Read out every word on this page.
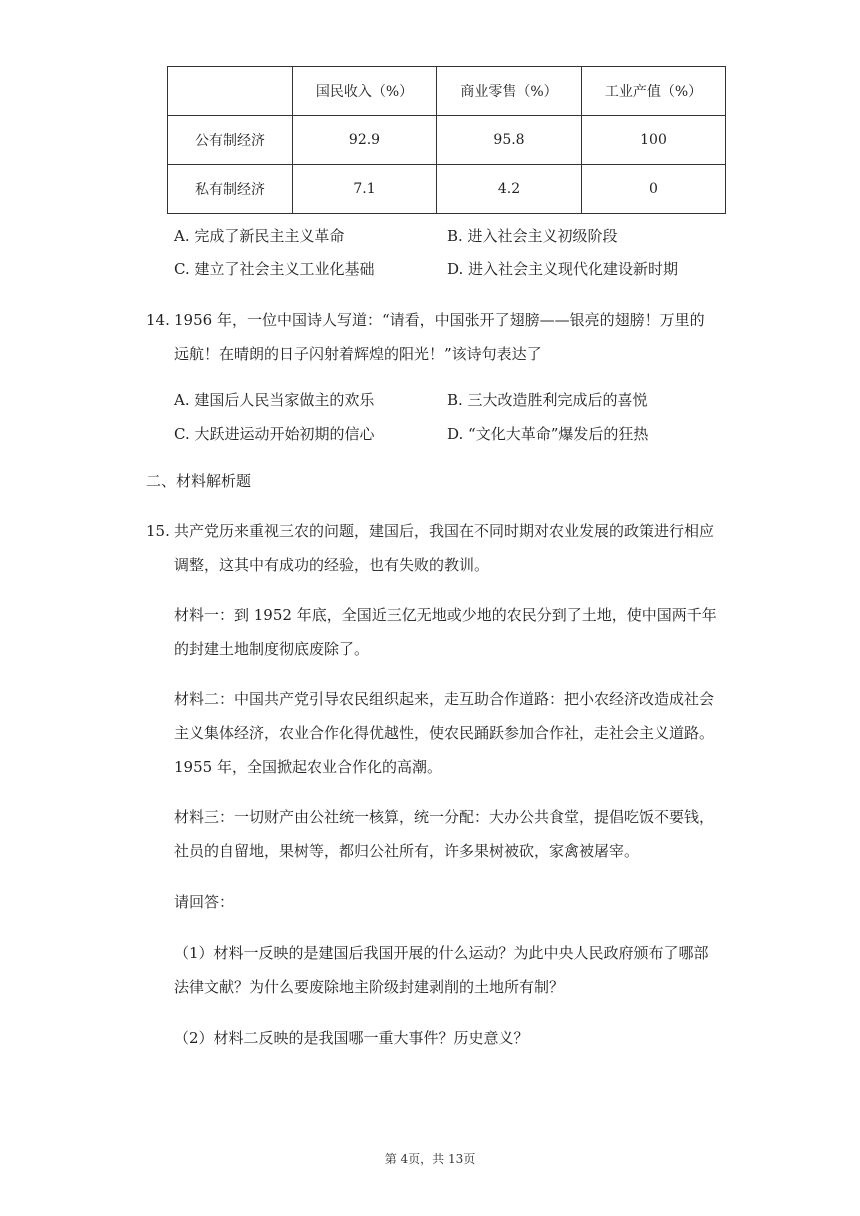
	国民收入（%）	商业零售（%）	工业产值（%）
公有制经济	92.9	95.8	100
私有制经济	7.1	4.2	0
A. 完成了新民主主义革命	B. 进入社会主义初级阶段
C. 建立了社会主义工业化基础	D. 进入社会主义现代化建设新时期
14. 1956 年，一位中国诗人写道：“请看，中国张开了翅膀——银亮的翅膀！万里的
远航！在晴朗的日子闪射着辉煌的阳光！”该诗句表达了
A. 建国后人民当家做主的欢乐	B. 三大改造胜利完成后的喜悦
C. 大跃进运动开始初期的信心	D. “文化大革命”爆发后的狂热
二、材料解析题
15. 共产党历来重视三农的问题，建国后，我国在不同时期对农业发展的政策进行相应
调整，这其中有成功的经验，也有失败的教训。
材料一：到 1952 年底，全国近三亿无地或少地的农民分到了土地，使中国两千年
的封建土地制度彻底废除了。
材料二：中国共产党引导农民组织起来，走互助合作道路：把小农经济改造成社会
主义集体经济，农业合作化得优越性，使农民踊跃参加合作社，走社会主义道路。
1955 年，全国掀起农业合作化的高潮。
材料三：一切财产由公社统一核算，统一分配：大办公共食堂，提倡吃饭不要钱，
社员的自留地，果树等，都归公社所有，许多果树被砍，家禽被屠宰。
请回答：
（1）材料一反映的是建国后我国开展的什么运动？为此中央人民政府颁布了哪部
法律文献？为什么要废除地主阶级封建剥削的土地所有制？
（2）材料二反映的是我国哪一重大事件？历史意义？
第 4页，共 13页
